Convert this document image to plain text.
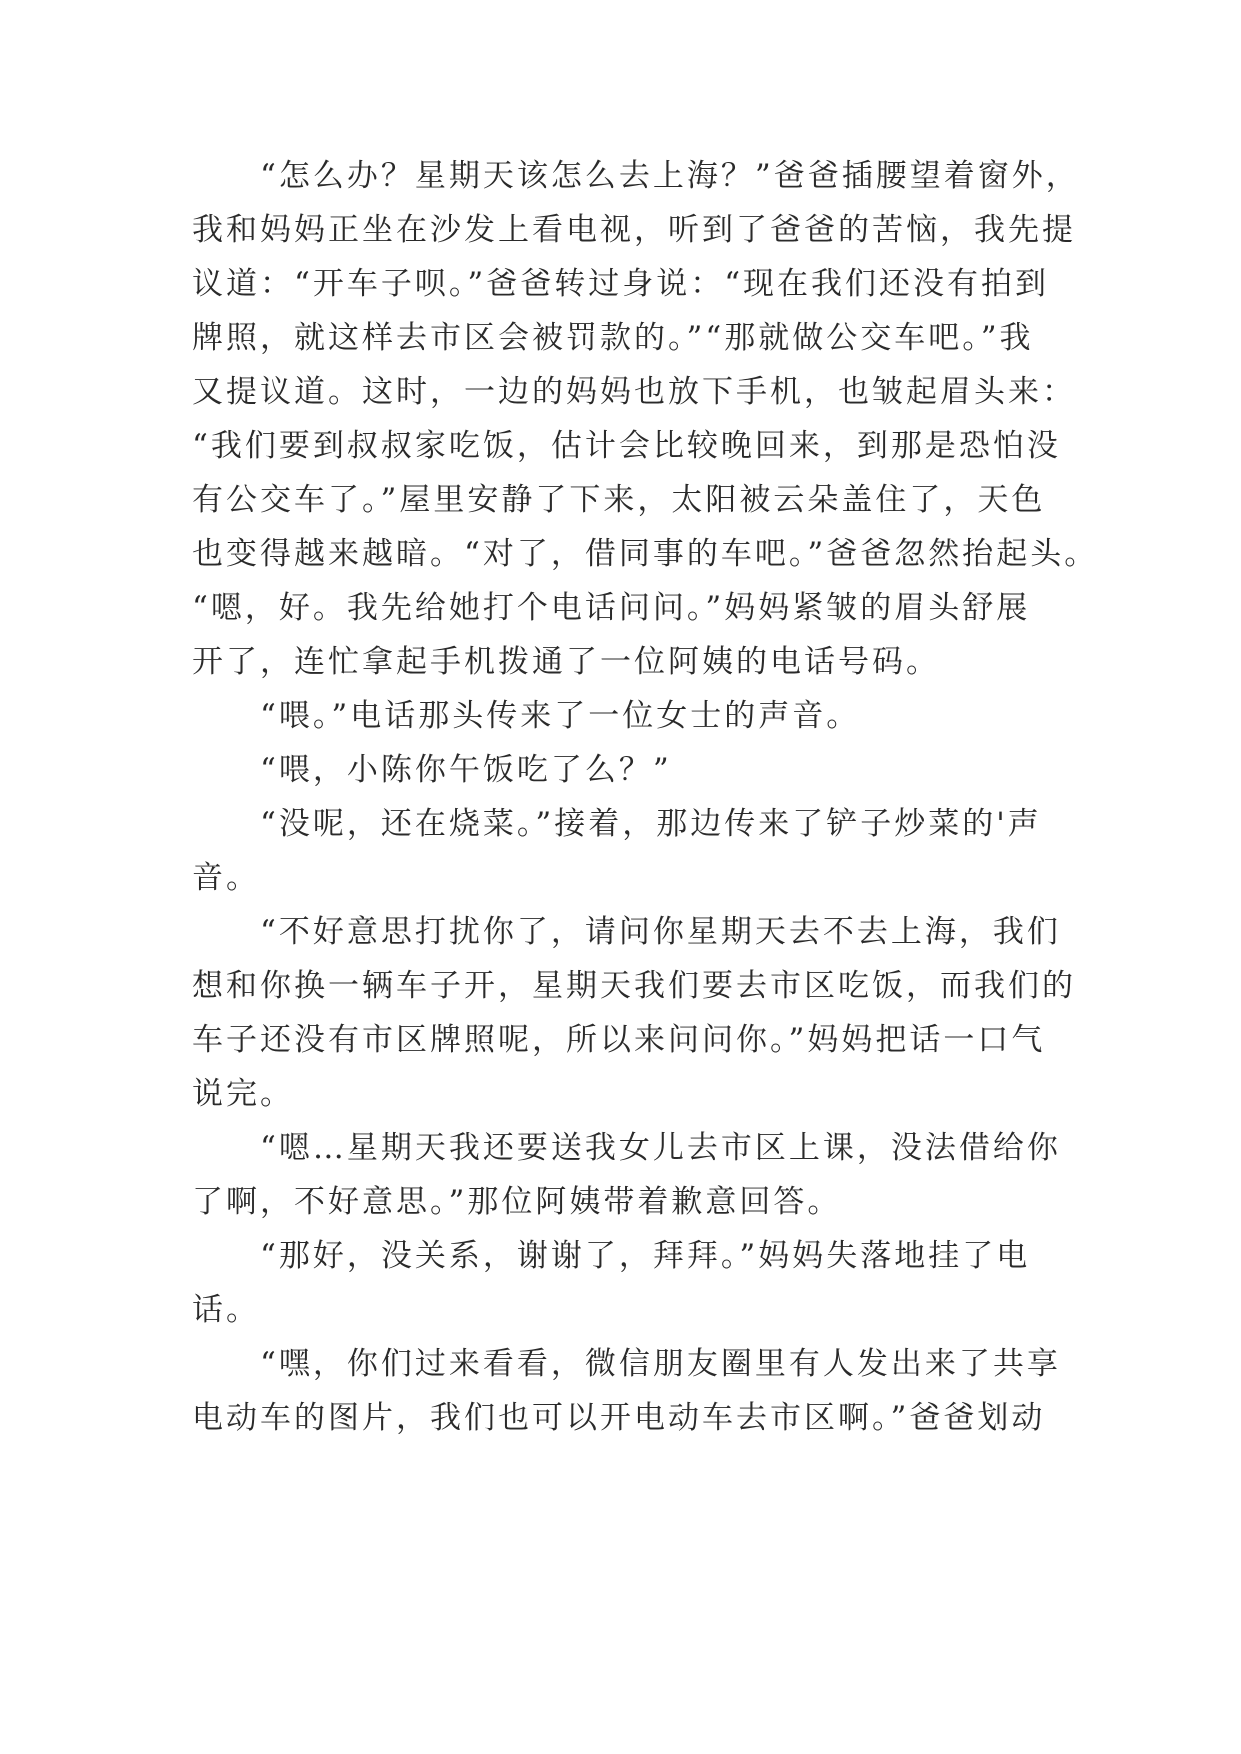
　　“怎么办？星期天该怎么去上海？”爸爸插腰望着窗外，
我和妈妈正坐在沙发上看电视，听到了爸爸的苦恼，我先提
议道：“开车子呗。”爸爸转过身说：“现在我们还没有拍到
牌照，就这样去市区会被罚款的。”“那就做公交车吧。”我
又提议道。这时，一边的妈妈也放下手机，也皱起眉头来：
“我们要到叔叔家吃饭，估计会比较晚回来，到那是恐怕没
有公交车了。”屋里安静了下来，太阳被云朵盖住了，天色
也变得越来越暗。“对了，借同事的车吧。”爸爸忽然抬起头。
“嗯，好。我先给她打个电话问问。”妈妈紧皱的眉头舒展
开了，连忙拿起手机拨通了一位阿姨的电话号码。
　　“喂。”电话那头传来了一位女士的声音。
　　“喂，小陈你午饭吃了么？”
　　“没呢，还在烧菜。”接着，那边传来了铲子炒菜的'声
音。
　　“不好意思打扰你了，请问你星期天去不去上海，我们
想和你换一辆车子开，星期天我们要去市区吃饭，而我们的
车子还没有市区牌照呢，所以来问问你。”妈妈把话一口气
说完。
　　“嗯…星期天我还要送我女儿去市区上课，没法借给你
了啊，不好意思。”那位阿姨带着歉意回答。
　　“那好，没关系，谢谢了，拜拜。”妈妈失落地挂了电
话。
　　“嘿，你们过来看看，微信朋友圈里有人发出来了共享
电动车的图片，我们也可以开电动车去市区啊。”爸爸划动
